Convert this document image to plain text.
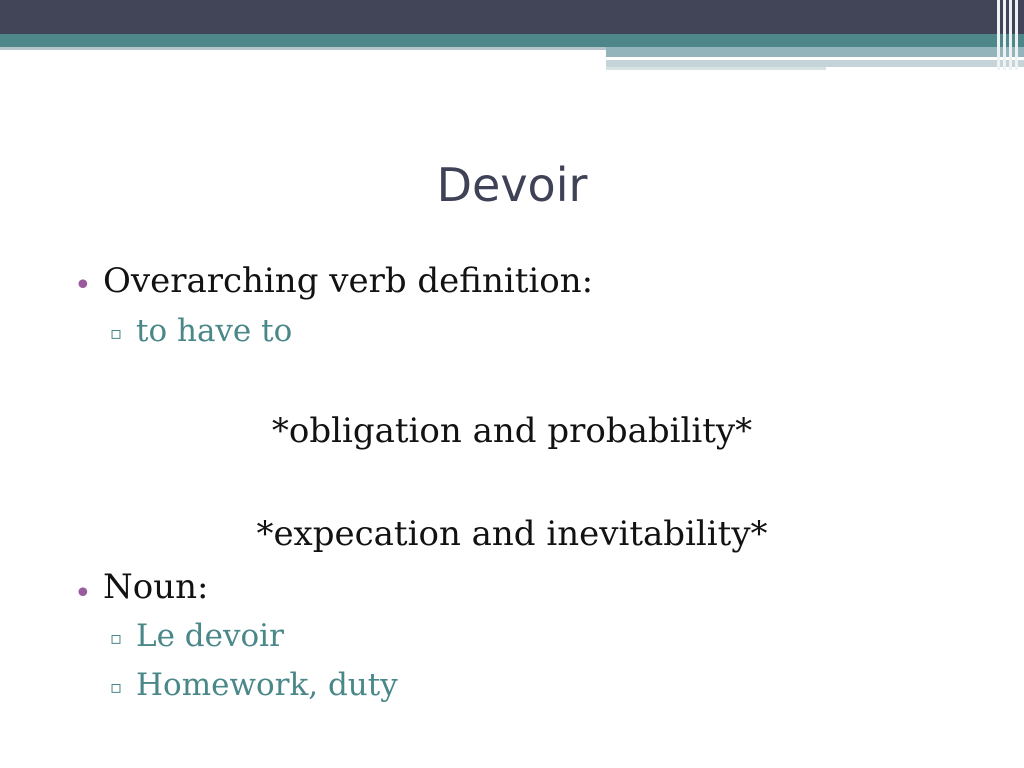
Devoir
• Overarching verb definition:
▫ to have to
*obligation and probability*
*expecation and inevitability*
• Noun:
▫ Le devoir
▫ Homework, duty
